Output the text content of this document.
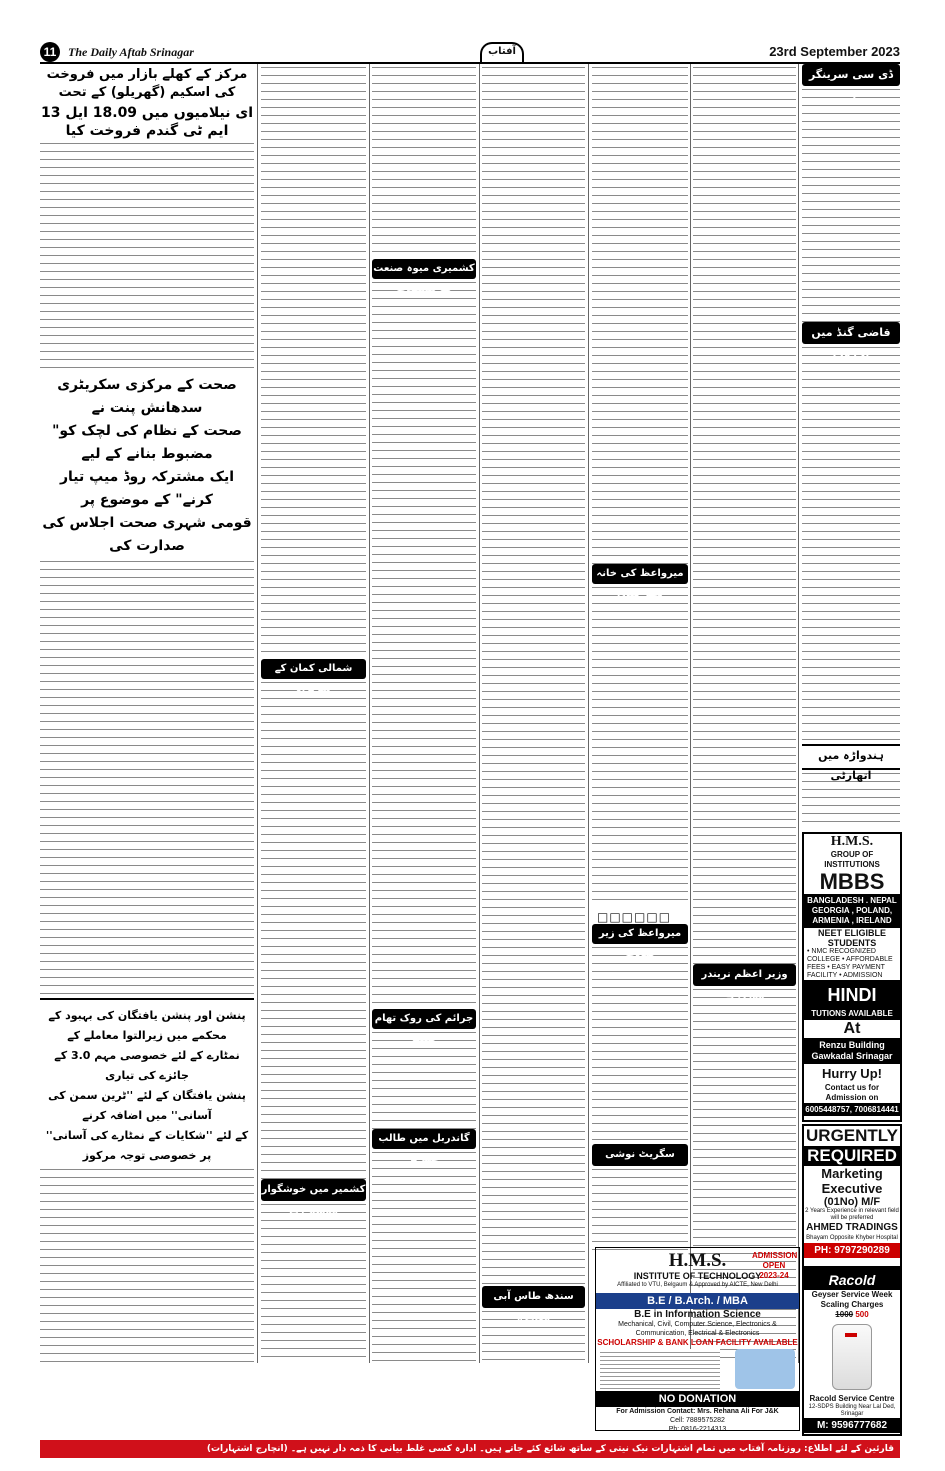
11 The Daily Aftab Srinagar	آفتاب	23rd September 2023
مرکز کے کھلے بازار میں فروخت کی اسکیم (گھریلو) کے تحت
13 ای نیلامیوں میں 18.09 ایل ایم ٹی گندم فروخت کیا
صحت کے مرکزی سکریٹری سدھانش پنت نے
"صحت کے نظام کی لچک کو مضبوط بنانے کے لیے
ایک مشترکہ روڈ میپ تیار کرنے" کے موضوع پر
قومی شہری صحت اجلاس کی صدارت کی
پنشن اور پنشن یافتگان کی بہبود کے محکمے میں زیرالتوا معاملے کے
نمٹارے کے لئے خصوصی مہم 3.0 کے جائزے کی تیاری
پنشن یافتگان کے لئے ''ٹرین سمن کی آسانی'' میں اضافہ کرنے
کے لئے ''شکایات کے نمٹارے کی آسانی'' پر خصوصی توجہ مرکوز
شمالی کمان کے سربراہ
کشمیر میں خوشگوار موسم رہا
کشمیری میوہ صنعت کو مشکلات
جرائم کی روک تھام کیلئے
گاندربل میں طالب علم پر
سندھ طاس آبی معاہدہ
میرواعظ کی خانہ نظر بندی
میرواعظ کی زیر قیادت
سگریٹ نوشی
□□□□□□
وزیر اعظم نریندر مودی نے
ڈی سی سرینگر نے
قاضی گنڈ میں اخروٹ
ہندواڑہ میں اتھارٹی
H.M.S.
GROUP OF INSTITUTIONS
MBBS
BANGLADESH . NEPAL GEORGIA , POLAND, ARMENIA , IRELAND
NEET ELIGIBLE STUDENTS
• NMC RECOGNIZED COLLEGE • AFFORDABLE FEES • EASY PAYMENT FACILITY • ADMISSION
HINDI
TUTIONS AVAILABLE
At
Renzu Building Gawkadal Srinagar
Hurry Up!
Contact us for Admission on
6005448757, 7006814441
URGENTLY
REQUIRED
Marketing Executive
(01No) M/F
2 Years Experience in relevant field will be preferred
AHMED TRADINGS
Bhayam Opposite Khyber Hospital
PH: 9797290289
Racold
Geyser Service Week
Scaling Charges
1000 500
Racold Service Centre
12-SDPS Building Near Lal Ded, Srinagar
M: 9596777682
H.M.S.
INSTITUTE OF TECHNOLOGY
Affiliated to VTU, Belgaum & Approved by AICTE, New Delhi
ADMISSION OPEN 2023-24
B.E / B.Arch. / MBA
B.E in Information Science
Mechanical, Civil, Computer Science, Electronics & Communication, Electrical & Electronics
SCHOLARSHIP & BANK LOAN FACILITY AVAILABLE
NO DONATION
For Admission Contact: Mrs. Rehana Ali For J&K
Cell: 7889575282
Ph: 0816-2214313
قارئین کے لئے اطلاع: روزنامہ آفتاب میں تمام اشتہارات نیک نیتی کے ساتھ شائع کئے جاتے ہیں۔ ادارہ کسی غلط بیانی کا ذمہ دار نہیں ہے۔ (انچارج اشتہارات)
